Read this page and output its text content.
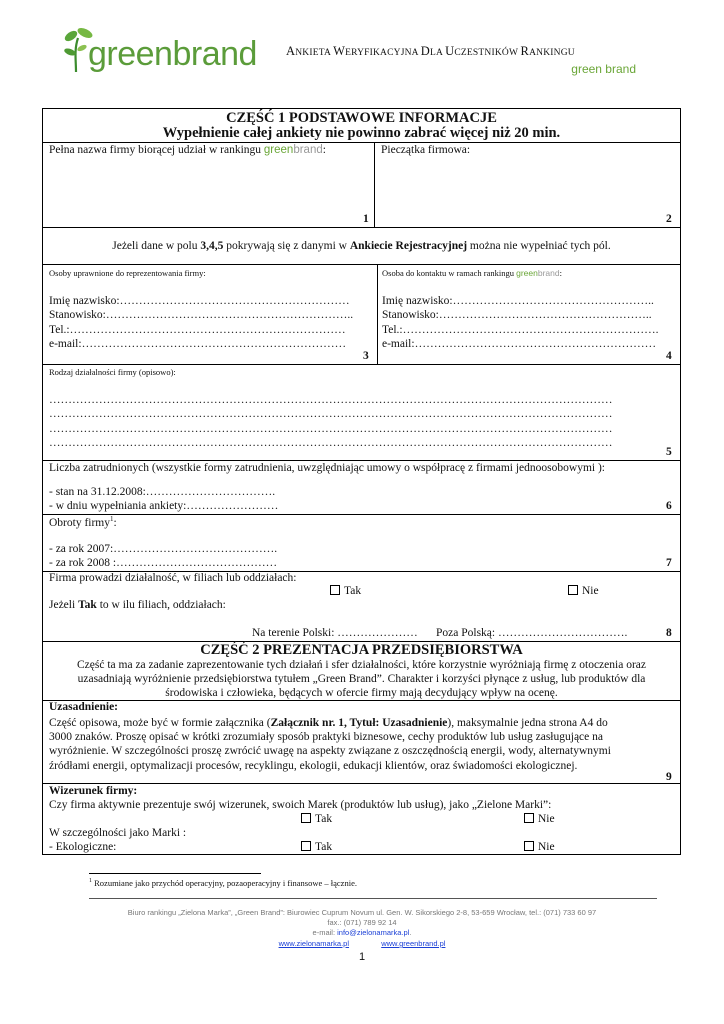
greenbrand ANKIETA WERYFIKACYJNA DLA UCZESTNIKÓW RANKINGU
green brand
CZĘŚĆ 1 PODSTAWOWE INFORMACJE
Wypełnienie całej ankiety nie powinno zabrać więcej niż 20 min.
Pełna nazwa firmy biorącej udział w rankingu greenbrand:
1
Pieczątka firmowa:
2
Jeżeli dane w polu 3,4,5 pokrywają się z danymi w Ankiecie Rejestracyjnej można nie wypełniać tych pól.
Osoby uprawnione do reprezentowania firmy:
Imię nazwisko:……………………………………………………
Stanowisko:………………………………………………………..
Tel.:………………………………………………………………
e-mail:……………………………………………………………
3
Osoba do kontaktu w ramach rankingu greenbrand:
Imię nazwisko:……………………………………………..
Stanowisko:………………………………………………..
Tel.:………………………………………………………….
e-mail:………………………………………………………
4
Rodzaj działalności firmy (opisowo):
…………………………………………………………………………………………………………………………………
…………………………………………………………………………………………………………………………………
…………………………………………………………………………………………………………………………………
…………………………………………………………………………………………………………………………………
5
Liczba zatrudnionych (wszystkie formy zatrudnienia, uwzględniając umowy o współpracę z firmami jednoosobowymi ):
- stan na 31.12.2008:…………………………….
- w dniu wypełniania ankiety:……………………	6
Obroty firmy$^1$:
- za rok 2007:…………………………………….
- za rok 2008 :……………………………………	7
Firma prowadzi działalność, w filiach lub oddziałach:
Tak	Nie
Jeżeli Tak to w ilu filiach, oddziałach:
Na terenie Polski: ………………… Poza Polską: …………………………….	8
CZĘŚĆ 2 PREZENTACJA PRZEDSIĘBIORSTWA
Część ta ma za zadanie zaprezentowanie tych działań i sfer działalności, które korzystnie wyróżniają firmę z otoczenia oraz
uzasadniają wyróżnienie przedsiębiorstwa tytułem „Green Brand”. Charakter i korzyści płynące z usług, lub produktów dla
środowiska i człowieka, będących w ofercie firmy mają decydujący wpływ na ocenę.
Uzasadnienie:
Część opisowa, może być w formie załącznika (Załącznik nr. 1, Tytuł: Uzasadnienie), maksymalnie jedna strona A4 do
3000 znaków. Proszę opisać w krótki zrozumiały sposób praktyki biznesowe, cechy produktów lub usług zasługujące na
wyróżnienie. W szczególności proszę zwrócić uwagę na aspekty związane z oszczędnością energii, wody, alternatywnymi
źródłami energii, optymalizacji procesów, recyklingu, ekologii, edukacji klientów, oraz świadomości ekologicznej.
9
Wizerunek firmy:
Czy firma aktywnie prezentuje swój wizerunek, swoich Marek (produktów lub usług), jako „Zielone Marki”:
Tak	Nie
W szczególności jako Marki :
- Ekologiczne:	Tak	Nie
$^1$ Rozumiane jako przychód operacyjny, pozaoperacyjny i finansowe – łącznie.
Biuro rankingu „Zielona Marka”, „Green Brand”: Biurowiec Cuprum Novum ul. Gen. W. Sikorskiego 2-8, 53-659 Wrocław, tel.: (071) 733 60 97
fax.: (071) 789 92 14
e-mail: info@zielonamarka.pl.
www.zielonamarka.pl	www.greenbrand.pl
1
